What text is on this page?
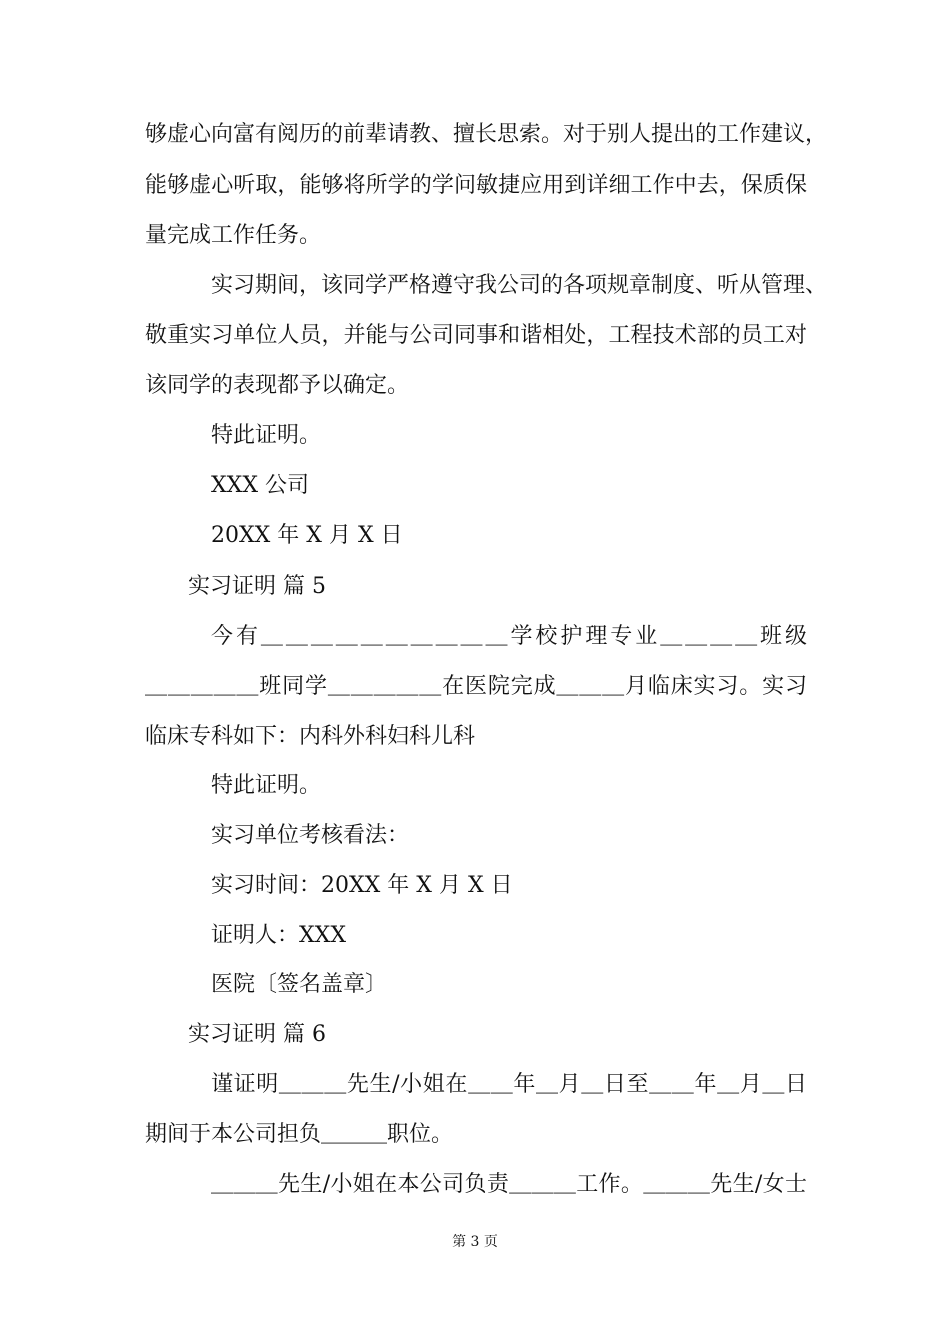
够虚心向富有阅历的前辈请教、擅长思索。对于别人提出的工作建议，
能够虚心听取，能够将所学的学问敏捷应用到详细工作中去，保质保
量完成工作任务。
实习期间，该同学严格遵守我公司的各项规章制度、听从管理、
敬重实习单位人员，并能与公司同事和谐相处，工程技术部的员工对
该同学的表现都予以确定。
特此证明。
XXX 公司
20XX 年 X 月 X 日
实习证明 篇 5
今有＿＿＿＿＿＿＿＿＿＿学校护理专业＿＿＿＿班级
＿＿＿＿＿班同学＿＿＿＿＿在医院完成＿＿＿月临床实习。实习
临床专科如下：内科外科妇科儿科
特此证明。
实习单位考核看法：
实习时间：20XX 年 X 月 X 日
证明人：XXX
医院〔签名盖章〕
实习证明 篇 6
谨证明＿＿＿先生/小姐在＿＿年＿月＿日至＿＿年＿月＿日
期间于本公司担负＿＿＿职位。
＿＿＿先生/小姐在本公司负责＿＿＿工作。＿＿＿先生/女士
第 3 页
